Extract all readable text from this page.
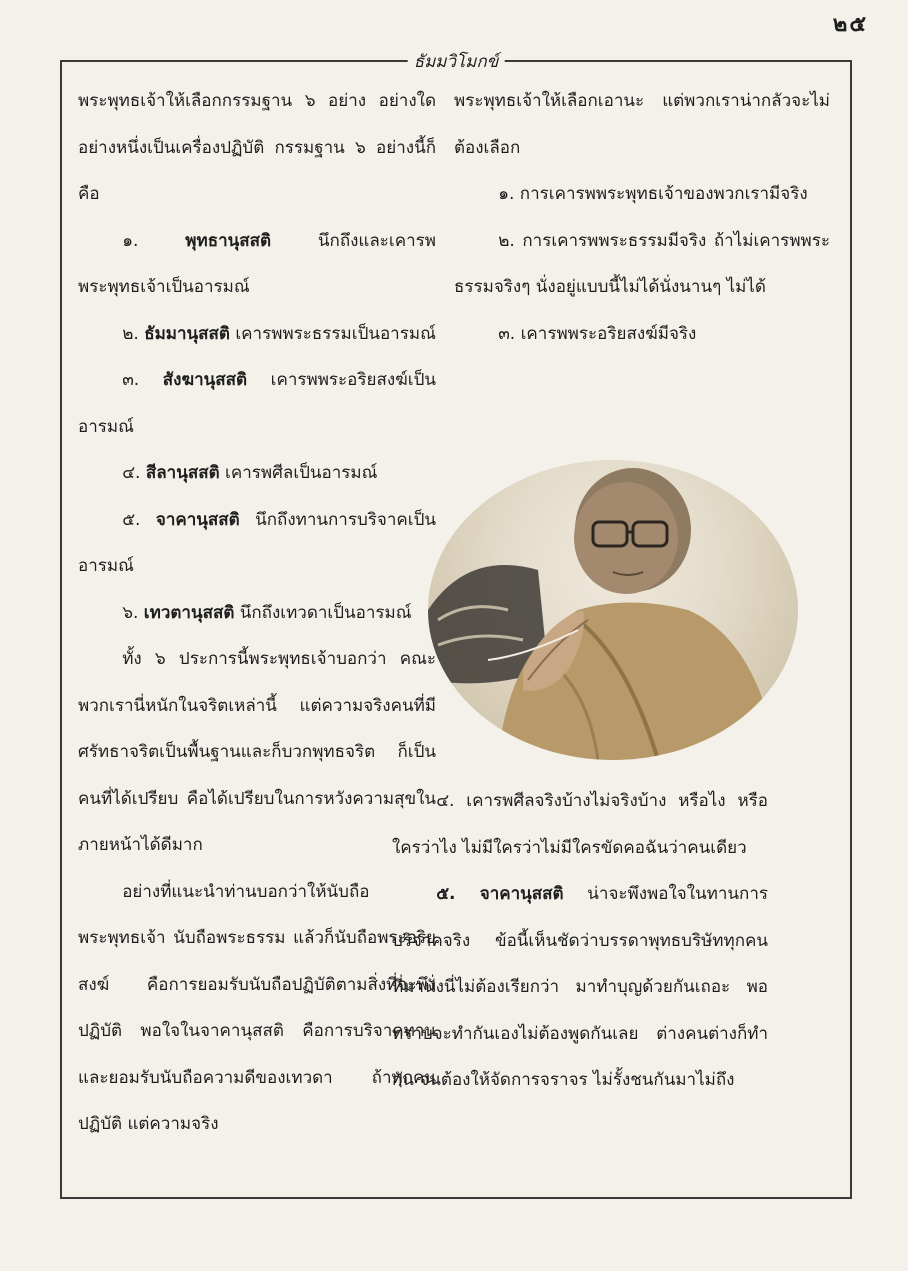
๒๕
ธัมมวิโมกข์

พระพุทธเจ้าให้เลือกกรรมฐาน ๖ อย่าง อย่างใดอย่างหนึ่งเป็นเครื่องปฏิบัติ กรรมฐาน ๖ อย่างนี้ก็คือ

๑.	พุทธานุสสติ	นึกถึงและเคารพพระพุทธเจ้าเป็นอารมณ์

๒. ธัมมานุสสติ เคารพพระธรรมเป็นอารมณ์

๓. สังฆานุสสติ เคารพพระอริยสงฆ์เป็นอารมณ์

๔. สีลานุสสติ เคารพศีลเป็นอารมณ์

๕. จาคานุสสติ นึกถึงทานการบริจาคเป็นอารมณ์

๖. เทวตานุสสติ นึกถึงเทวดาเป็นอารมณ์

ทั้ง ๖ ประการนี้พระพุทธเจ้าบอกว่า คณะพวกเรานี่หนักในจริตเหล่านี้ แต่ความจริงคนที่มีศรัทธาจริตเป็นพื้นฐานและก็บวกพุทธจริต ก็เป็นคนที่ได้เปรียบ คือได้เปรียบในการหวังความสุขในภายหน้าได้ดีมาก

อย่างที่แนะนำท่านบอกว่าให้นับถือพระพุทธเจ้า นับถือพระธรรม แล้วก็นับถือพระอริยสงฆ์ คือการยอมรับนับถือปฏิบัติตามสิ่งที่จะพึงปฏิบัติ พอใจในจาคานุสสติ คือการบริจาคทาน และยอมรับนับถือความดีของเทวดา ถ้าทุกคนปฏิบัติ แต่ความจริง

พระพุทธเจ้าให้เลือกเอานะ แต่พวกเราน่ากลัวจะไม่ต้องเลือก

๑. การเคารพพระพุทธเจ้าของพวกเรามีจริง

๒. การเคารพพระธรรมมีจริง ถ้าไม่เคารพพระธรรมจริงๆ นั่งอยู่แบบนี้ไม่ได้นั่งนานๆ ไม่ได้

๓. เคารพพระอริยสงฆ์มีจริง

๔. เคารพศีลจริงบ้างไม่จริงบ้าง หรือไง หรือใครว่าไง ไม่มีใครว่าไม่มีใครขัดคอฉันว่าคนเดียว

๕. จาคานุสสติ น่าจะพึงพอใจในทานการบริจาคจริง ข้อนี้เห็นชัดว่าบรรดาพุทธบริษัททุกคนที่มานั่งนี่ไม่ต้องเรียกว่า มาทำบุญด้วยกันเถอะ พอทราบจะทำกันเองไม่ต้องพูดกันเลย ต่างคนต่างก็ทำกัน จนต้องให้จัดการจราจร ไม่รั้งชนกันมาไม่ถึง
